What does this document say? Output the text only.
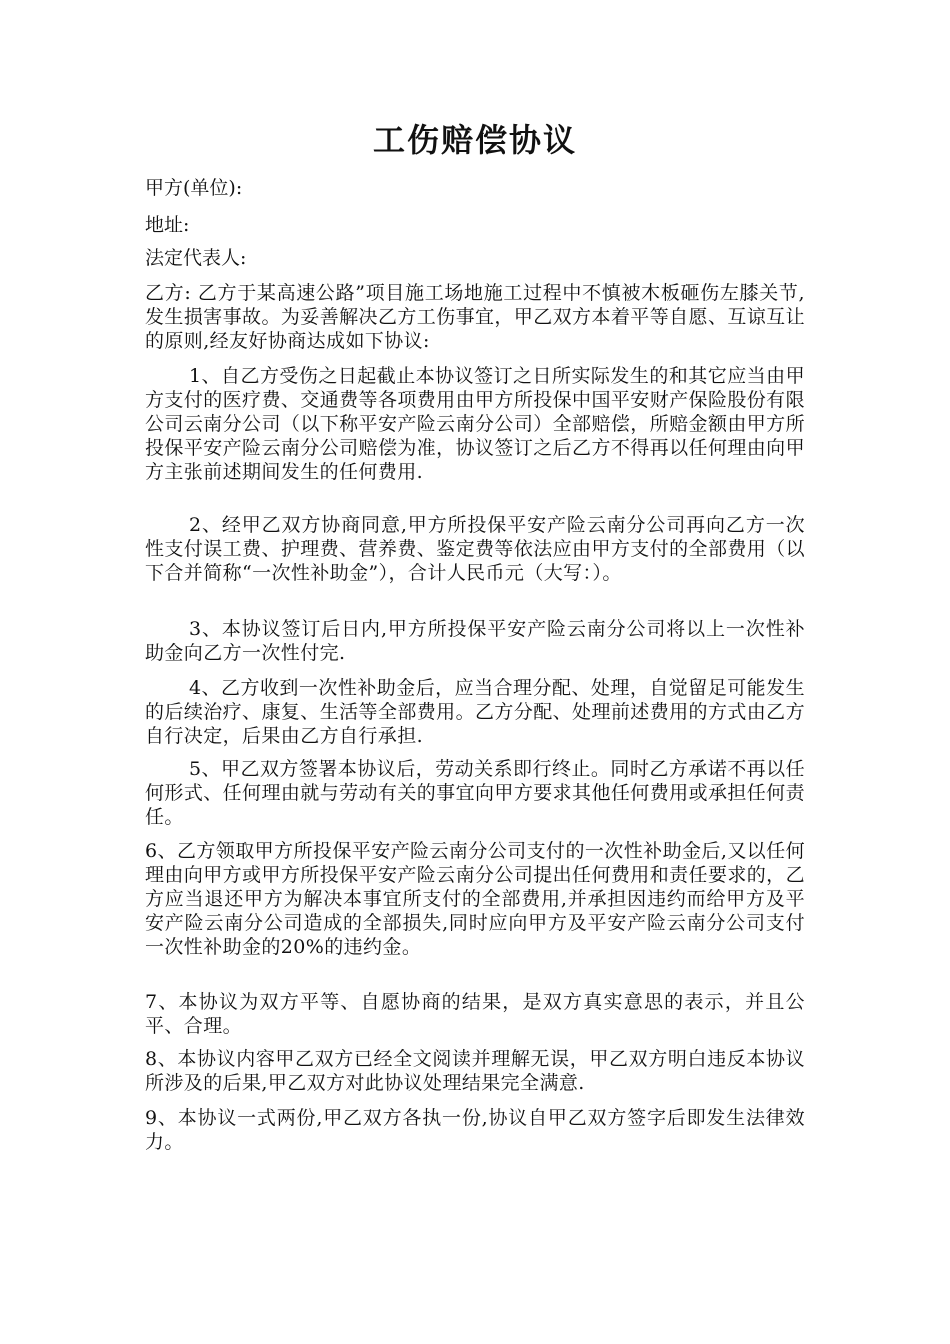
工伤赔偿协议
甲方(单位):
地址:
法定代表人:
乙方: 乙方于某高速公路”项目施工场地施工过程中不慎被木板砸伤左膝关节,发生损害事故。为妥善解决乙方工伤事宜，甲乙双方本着平等自愿、互谅互让的原则,经友好协商达成如下协议:
1、自乙方受伤之日起截止本协议签订之日所实际发生的和其它应当由甲方支付的医疗费、交通费等各项费用由甲方所投保中国平安财产保险股份有限公司云南分公司（以下称平安产险云南分公司）全部赔偿，所赔金额由甲方所投保平安产险云南分公司赔偿为准，协议签订之后乙方不得再以任何理由向甲方主张前述期间发生的任何费用.
2、经甲乙双方协商同意,甲方所投保平安产险云南分公司再向乙方一次性支付误工费、护理费、营养费、鉴定费等依法应由甲方支付的全部费用（以下合并简称“一次性补助金”），合计人民币元（大写：）。
3、本协议签订后日内,甲方所投保平安产险云南分公司将以上一次性补助金向乙方一次性付完.
4、乙方收到一次性补助金后，应当合理分配、处理，自觉留足可能发生的后续治疗、康复、生活等全部费用。乙方分配、处理前述费用的方式由乙方自行决定，后果由乙方自行承担.
5、甲乙双方签署本协议后，劳动关系即行终止。同时乙方承诺不再以任何形式、任何理由就与劳动有关的事宜向甲方要求其他任何费用或承担任何责任。
6、乙方领取甲方所投保平安产险云南分公司支付的一次性补助金后,又以任何理由向甲方或甲方所投保平安产险云南分公司提出任何费用和责任要求的，乙方应当退还甲方为解决本事宜所支付的全部费用,并承担因违约而给甲方及平安产险云南分公司造成的全部损失,同时应向甲方及平安产险云南分公司支付一次性补助金的20%的违约金。
7、本协议为双方平等、自愿协商的结果，是双方真实意思的表示，并且公平、合理。
8、本协议内容甲乙双方已经全文阅读并理解无误，甲乙双方明白违反本协议所涉及的后果,甲乙双方对此协议处理结果完全满意.
9、本协议一式两份,甲乙双方各执一份,协议自甲乙双方签字后即发生法律效力。
